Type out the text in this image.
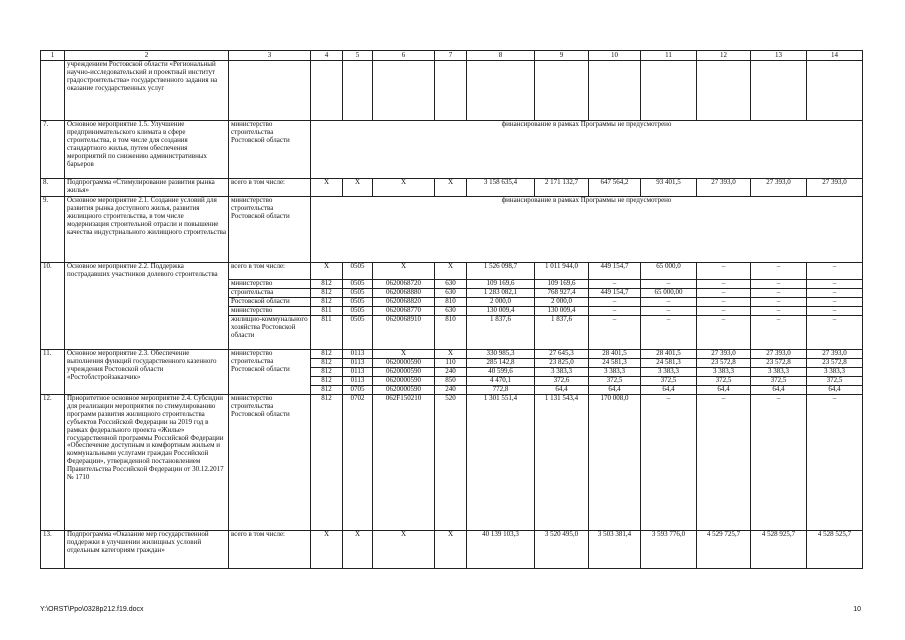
1	2	3	4	5	6	7	8	9	10	11	12	13	14
	учреждением Ростовской области «Региональный научно-исследовательский и проектный институт градостроительства» государственного задания на оказание государственных услуг												
7.	Основное мероприятие 1.5. Улучшение предпринимательского климата в сфере строительства, в том числе для создания стандартного жилья, путем обеспечения мероприятий по снижению административных барьеров	министерство строительства Ростовской области	финансирование в рамках Программы не предусмотрено										
8.	Подпрограмма «Стимулирование развития рынка жилья»	всего в том числе:	Х	Х	Х	Х	3 158 635,4	2 171 132,7	647 564,2	93 401,5	27 393,0	27 393,0	27 393,0
9.	Основное мероприятие 2.1. Создание условий для развития рынка доступного жилья, развития жилищного строительства, в том числе модернизация строительной отрасли и повышение качества индустриального жилищного строительства	министерство строительства Ростовской области	финансирование в рамках Программы не предусмотрено										
10.	Основное мероприятие 2.2. Поддержка пострадавших участников долевого строительства	всего в том числе:	Х	0505	Х	Х	1 526 098,7	1 011 944,0	449 154,7	65 000,0	–	–	–
		министерство	812	0505	0620068720	630	109 169,6	109 169,6	–	–	–	–	–
		строительства	812	0505	0620068880	630	1 283 082,1	768 927,4	449 154,7	65 000,00	–	–	–
		Ростовской области	812	0505	0620068820	810	2 000,0	2 000,0	–	–	–	–	–
		министерство	811	0505	0620068770	630	130 009,4	130 009,4	–	–	–	–	–
		жилищно-коммунального хозяйства Ростовской области	811	0505	0620068910	810	1 837,6	1 837,6	–	–	–	–	–
11.	Основное мероприятие 2.3. Обеспечение выполнения функций государственного казенного учреждения Ростовской области «Ростоблстройзаказчик»	министерство строительства Ростовской области	812	0113	Х	Х	330 985,3	27 645,3	28 401,5	28 401,5	27 393,0	27 393,0	27 393,0
			812	0113	0620000590	110	285 142,8	23 825,0	24 581,3	24 581,3	23 572,8	23 572,8	23 572,8
			812	0113	0620000590	240	40 599,6	3 383,3	3 383,3	3 383,3	3 383,3	3 383,3	3 383,3
			812	0113	0620000590	850	4 470,1	372,6	372,5	372,5	372,5	372,5	372,5
			812	0705	0620000590	240	772,8	64,4	64,4	64,4	64,4	64,4	64,4
12.	Приоритетное основное мероприятие 2.4. Субсидии для реализации мероприятия по стимулированию программ развития жилищного строительства субъектов Российской Федерации на 2019 год в рамках федерального проекта «Жилье» государственной программы Российской Федерации «Обеспечение доступным и комфортным жильем и коммунальными услугами граждан Российской Федерации», утвержденной постановлением Правительства Российской Федерации от 30.12.2017 № 1710	министерство строительства Ростовской области	812	0702	062F150210	520	1 301 551,4	1 131 543,4	170 008,0	–	–	–	–
13.	Подпрограмма «Оказание мер государственной поддержки в улучшении жилищных условий отдельным категориям граждан»	всего в том числе:	Х	Х	Х	Х	40 139 103,3	3 520 495,0	3 503 381,4	3 593 776,0	4 529 725,7	4 528 925,7	4 528 525,7
Y:\ORST\Ppo\0328p212.f19.docx	10
